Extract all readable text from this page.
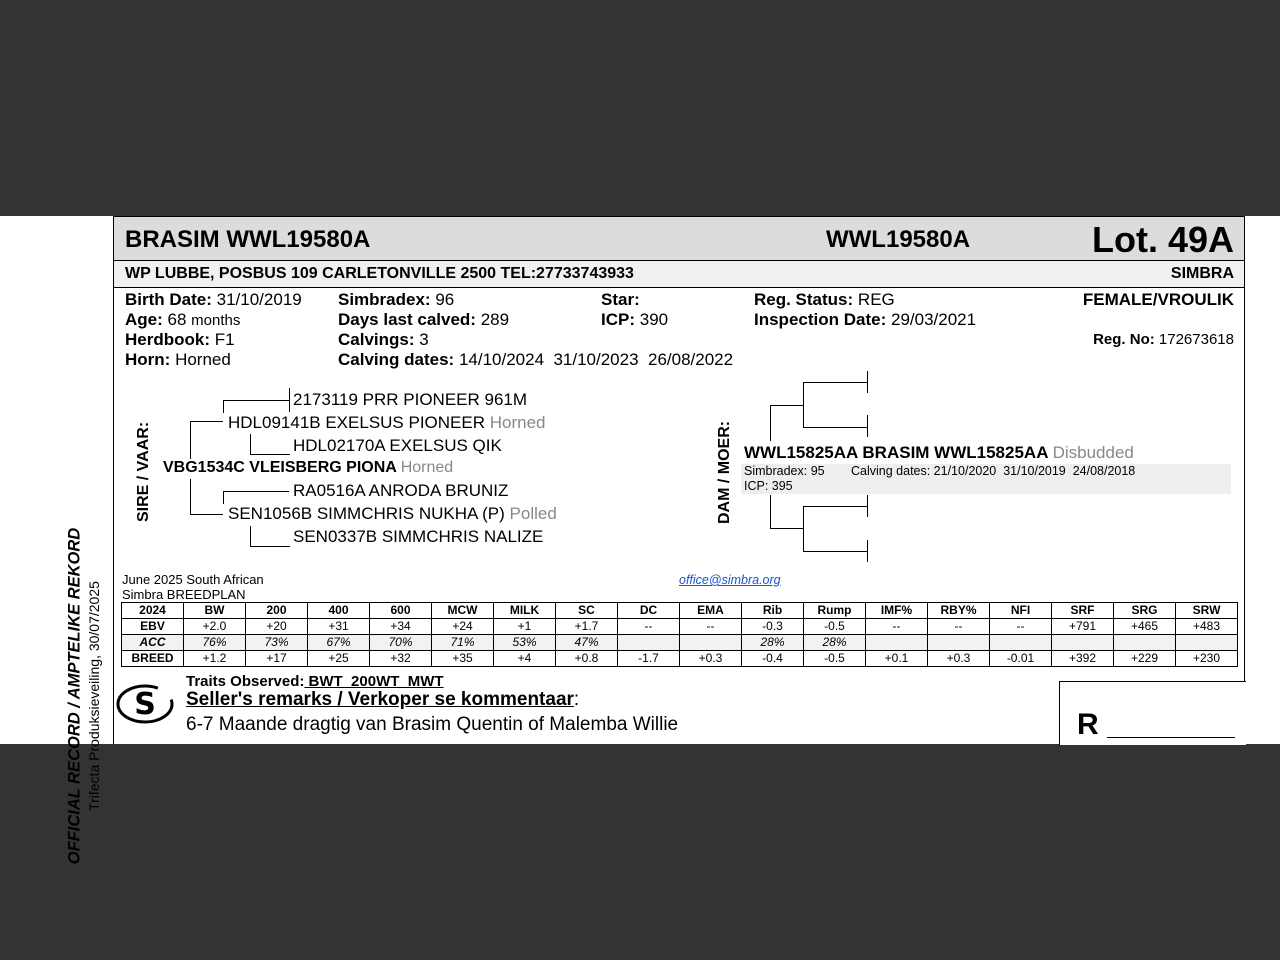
OFFICIAL RECORD / AMPTELIKE REKORD Trifecta Produksieveiling, 30/07/2025
BRASIM WWL19580A	WWL19580A	Lot. 49A
WP LUBBE, POSBUS 109 CARLETONVILLE 2500 TEL:27733743933	SIMBRA
Birth Date: 31/10/2019
Age: 68 months
Herdbook: F1
Horn: Horned
Simbradex: 96
Days last calved: 289
Calvings: 3
Calving dates: 14/10/2024  31/10/2023  26/08/2022
Star:
ICP: 390
Reg. Status: REG
Inspection Date: 29/03/2021
FEMALE/VROULIK
Reg. No: 172673618
SIRE / VAAR: VBG1534C VLEISBERG PIONA Horned
HDL09141B EXELSUS PIONEER Horned
2173119 PRR PIONEER 961M
HDL02170A EXELSUS QIK
SEN1056B SIMMCHRIS NUKHA (P) Polled
RA0516A ANRODA BRUNIZ
SEN0337B SIMMCHRIS NALIZE
DAM / MOER: WWL15825AA BRASIM WWL15825AA Disbudded
Simbradex: 95 Calving dates: 21/10/2020  31/10/2019  24/08/2018
ICP: 395
June 2025 South African
Simbra BREEDPLAN
office@simbra.org
2024	BW	200	400	600	MCW	MILK	SC	DC	EMA	Rib	Rump	IMF%	RBY%	NFI	SRF	SRG	SRW
EBV	+2.0	+20	+31	+34	+24	+1	+1.7	--	--	-0.3	-0.5	--	--	--	+791	+465	+483
ACC	76%	73%	67%	70%	71%	53%	47%			28%	28%						
BREED	+1.2	+17	+25	+32	+35	+4	+0.8	-1.7	+0.3	-0.4	-0.5	+0.1	+0.3	-0.01	+392	+229	+230
S
Traits Observed: BWT  200WT  MWT
Seller's remarks / Verkoper se kommentaar:
6-7 Maande dragtig van Brasim Quentin of Malemba Willie	R
